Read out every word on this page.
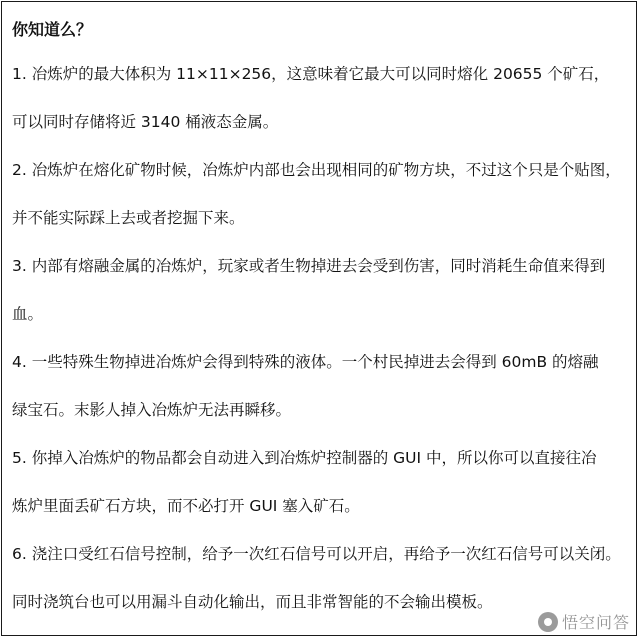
你知道么？
1. 冶炼炉的最大体积为 11×11×256，这意味着它最大可以同时熔化 20655 个矿石，
可以同时存储将近 3140 桶液态金属。
2. 冶炼炉在熔化矿物时候，冶炼炉内部也会出现相同的矿物方块，不过这个只是个贴图，
并不能实际踩上去或者挖掘下来。
3. 内部有熔融金属的冶炼炉，玩家或者生物掉进去会受到伤害，同时消耗生命值来得到
血。
4. 一些特殊生物掉进冶炼炉会得到特殊的液体。一个村民掉进去会得到 60mB 的熔融
绿宝石。末影人掉入冶炼炉无法再瞬移。
5. 你掉入冶炼炉的物品都会自动进入到冶炼炉控制器的 GUI 中，所以你可以直接往冶
炼炉里面丢矿石方块，而不必打开 GUI 塞入矿石。
6. 浇注口受红石信号控制，给予一次红石信号可以开启，再给予一次红石信号可以关闭。
同时浇筑台也可以用漏斗自动化输出，而且非常智能的不会输出模板。
悟空问答
